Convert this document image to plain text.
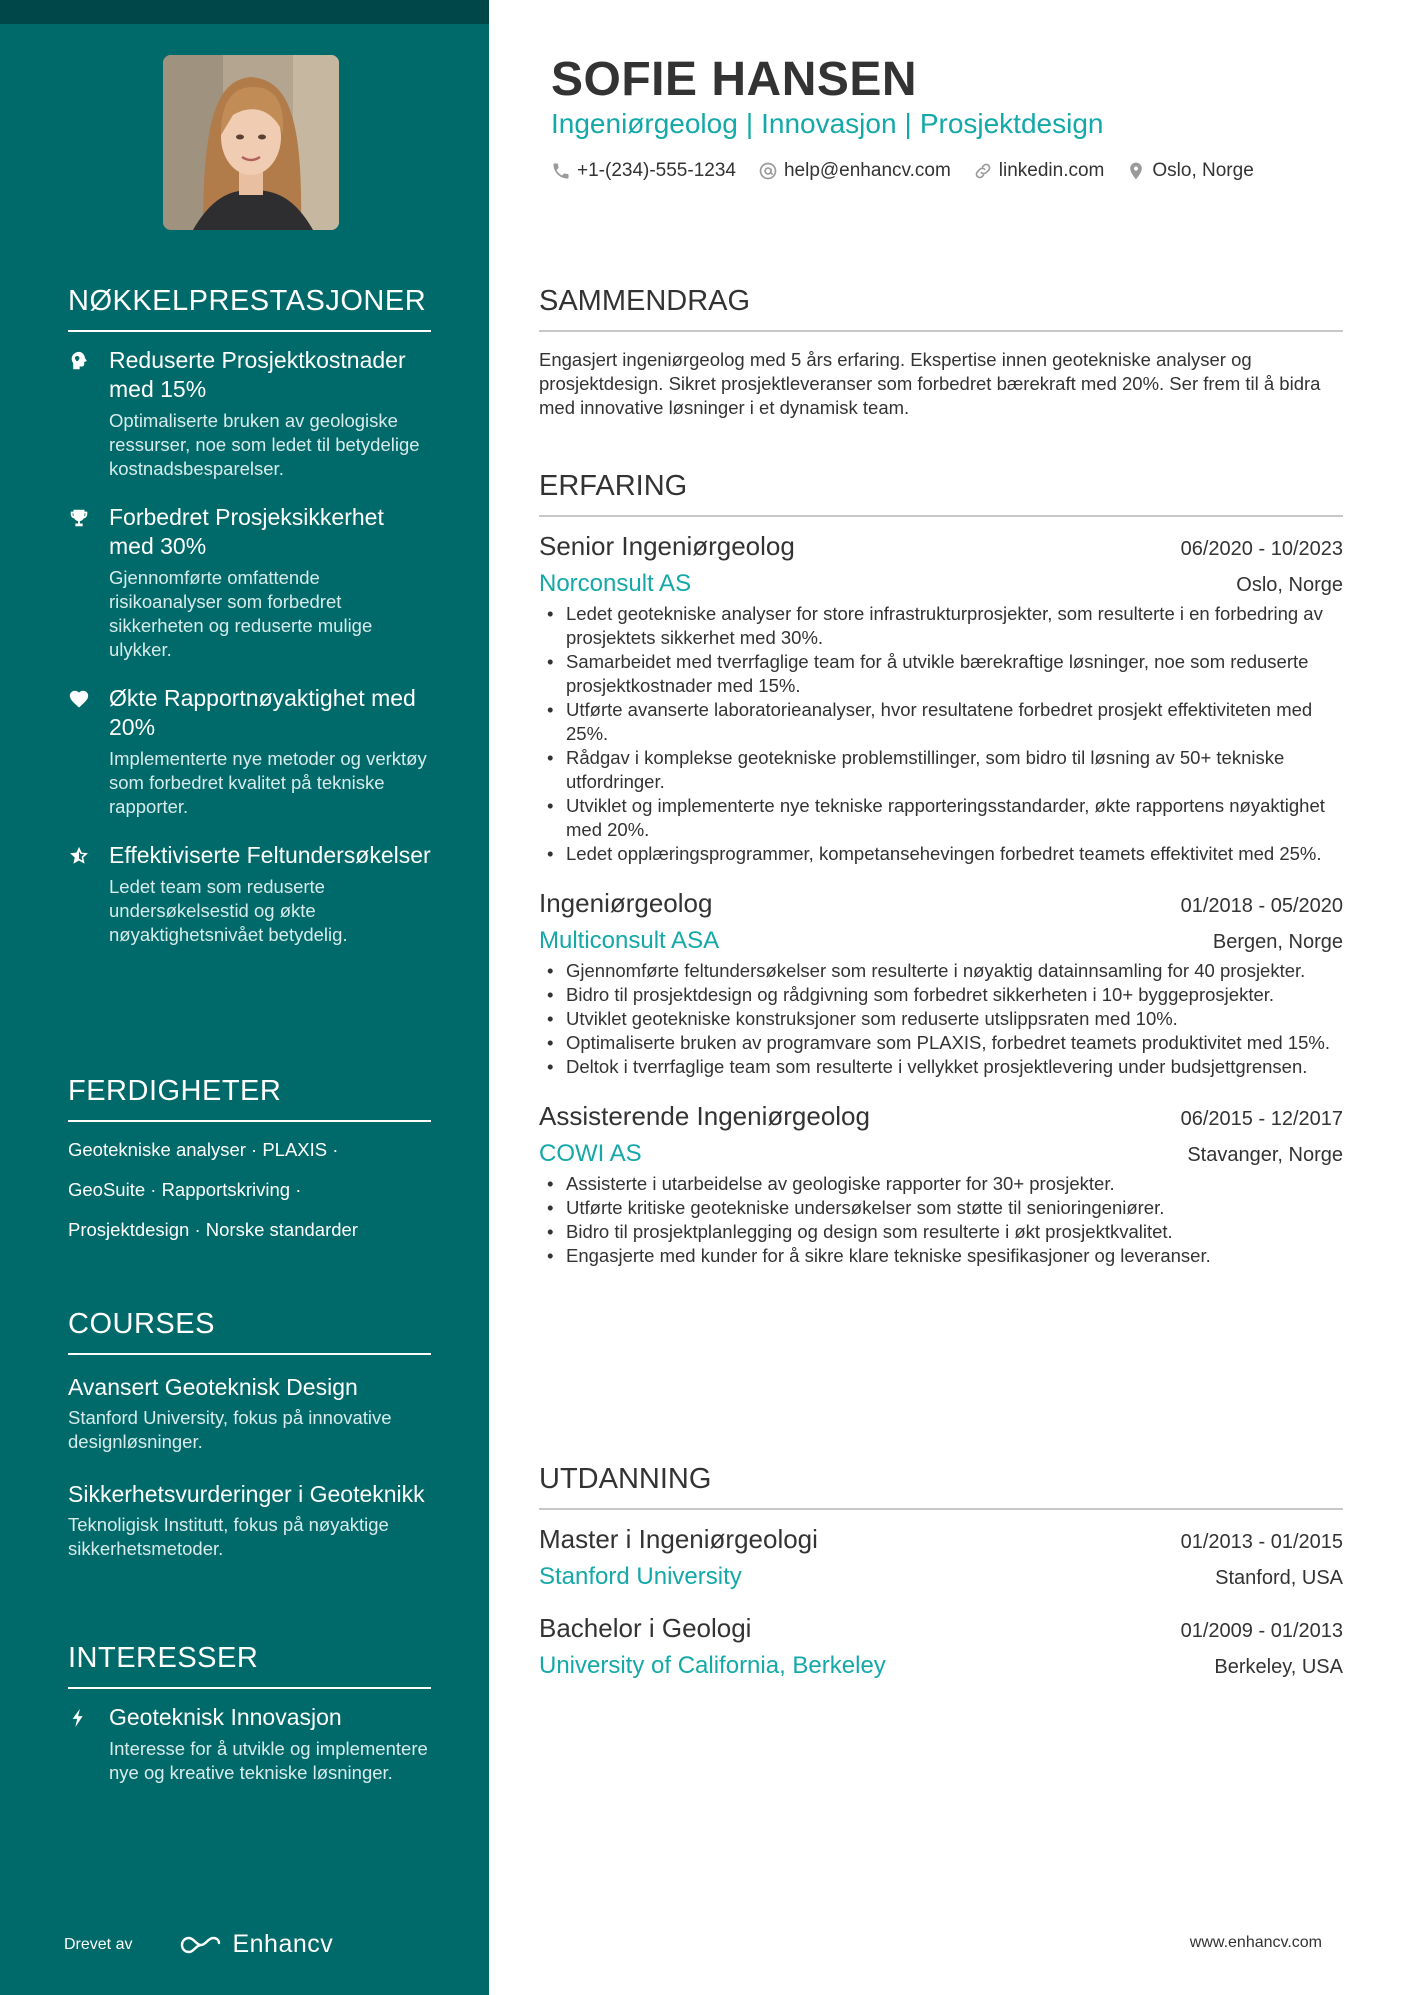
NØKKELPRESTASJONER
Reduserte Prosjektkostnader med 15%
Optimaliserte bruken av geologiske ressurser, noe som ledet til betydelige kostnadsbesparelser.
Forbedret Prosjeksikkerhet med 30%
Gjennomførte omfattende risikoanalyser som forbedret sikkerheten og reduserte mulige ulykker.
Økte Rapportnøyaktighet med 20%
Implementerte nye metoder og verktøy som forbedret kvalitet på tekniske rapporter.
Effektiviserte Feltundersøkelser
Ledet team som reduserte undersøkelsestid og økte nøyaktighetsnivået betydelig.
FERDIGHETER
Geotekniske analyser · PLAXIS ·
GeoSuite · Rapportskriving ·
Prosjektdesign · Norske standarder
COURSES
Avansert Geoteknisk Design
Stanford University, fokus på innovative designløsninger.
Sikkerhetsvurderinger i Geoteknikk
Teknoligisk Institutt, fokus på nøyaktige sikkerhetsmetoder.
INTERESSER
Geoteknisk Innovasjon
Interesse for å utvikle og implementere nye og kreative tekniske løsninger.
Drevet av	Enhancv
SOFIE HANSEN
Ingeniørgeolog | Innovasjon | Prosjektdesign
+1-(234)-555-1234	help@enhancv.com	linkedin.com	Oslo, Norge
SAMMENDRAG

Engasjert ingeniørgeolog med 5 års erfaring. Ekspertise innen geotekniske analyser og prosjektdesign. Sikret prosjektleveranser som forbedret bærekraft med 20%. Ser frem til å bidra med innovative løsninger i et dynamisk team.

ERFARING
Senior Ingeniørgeolog	06/2020 - 10/2023
Norconsult AS	Oslo, Norge
• Ledet geotekniske analyser for store infrastrukturprosjekter, som resulterte i en forbedring av prosjektets sikkerhet med 30%.
• Samarbeidet med tverrfaglige team for å utvikle bærekraftige løsninger, noe som reduserte prosjektkostnader med 15%.
• Utførte avanserte laboratorieanalyser, hvor resultatene forbedret prosjekt effektiviteten med 25%.
• Rådgav i komplekse geotekniske problemstillinger, som bidro til løsning av 50+ tekniske utfordringer.
• Utviklet og implementerte nye tekniske rapporteringsstandarder, økte rapportens nøyaktighet med 20%.
• Ledet opplæringsprogrammer, kompetansehevingen forbedret teamets effektivitet med 25%.
Ingeniørgeolog	01/2018 - 05/2020
Multiconsult ASA	Bergen, Norge
• Gjennomførte feltundersøkelser som resulterte i nøyaktig datainnsamling for 40 prosjekter.
• Bidro til prosjektdesign og rådgivning som forbedret sikkerheten i 10+ byggeprosjekter.
• Utviklet geotekniske konstruksjoner som reduserte utslippsraten med 10%.
• Optimaliserte bruken av programvare som PLAXIS, forbedret teamets produktivitet med 15%.
• Deltok i tverrfaglige team som resulterte i vellykket prosjektlevering under budsjettgrensen.
Assisterende Ingeniørgeolog	06/2015 - 12/2017
COWI AS	Stavanger, Norge
• Assisterte i utarbeidelse av geologiske rapporter for 30+ prosjekter.
• Utførte kritiske geotekniske undersøkelser som støtte til senioringeniører.
• Bidro til prosjektplanlegging og design som resulterte i økt prosjektkvalitet.
• Engasjerte med kunder for å sikre klare tekniske spesifikasjoner og leveranser.
UTDANNING
Master i Ingeniørgeologi	01/2013 - 01/2015
Stanford University	Stanford, USA
Bachelor i Geologi	01/2009 - 01/2013
University of California, Berkeley	Berkeley, USA
www.enhancv.com
